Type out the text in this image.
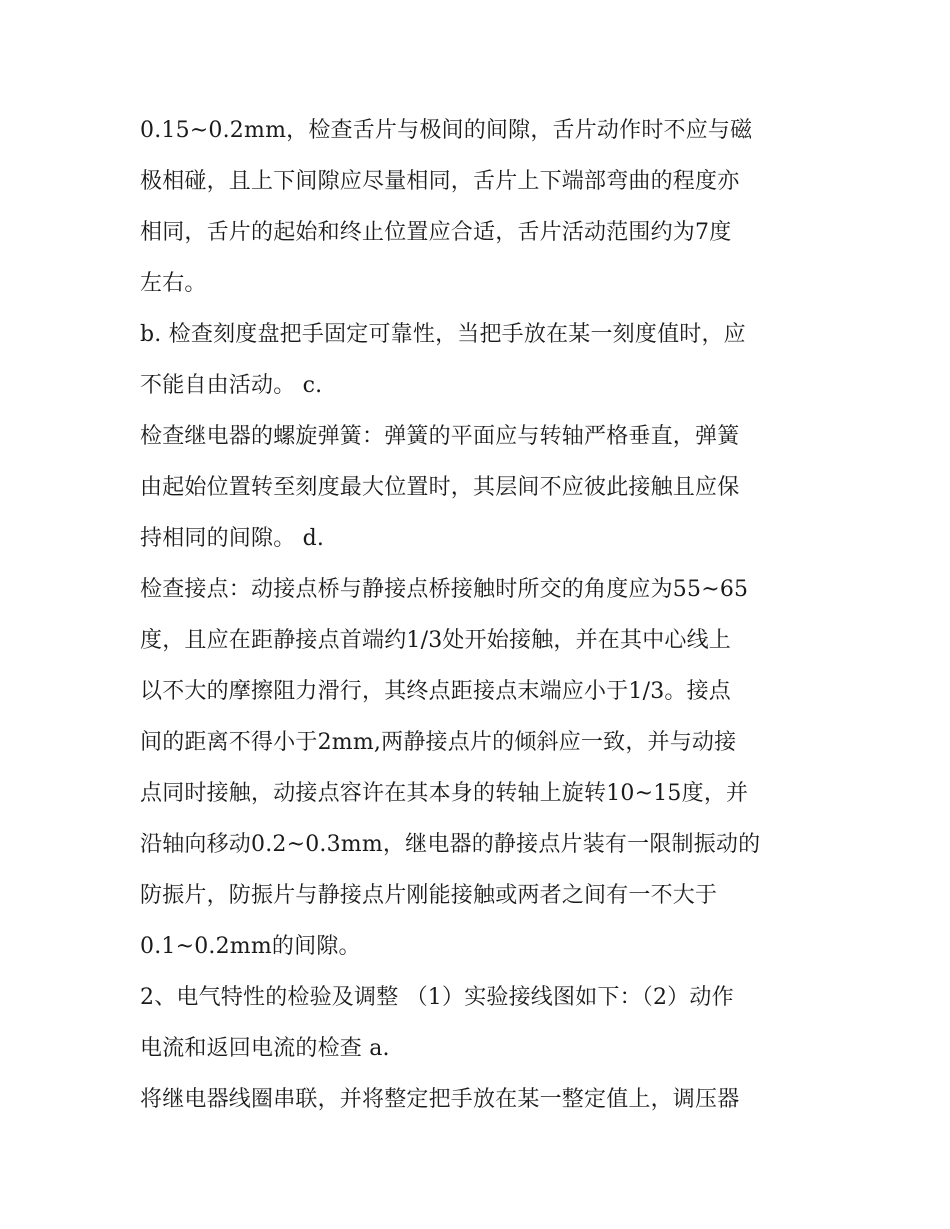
0.15~0.2mm，检查舌片与极间的间隙，舌片动作时不应与磁
极相碰，且上下间隙应尽量相同，舌片上下端部弯曲的程度亦
相同，舌片的起始和终止位置应合适，舌片活动范围约为7度
左右。
b. 检查刻度盘把手固定可靠性，当把手放在某一刻度值时，应
不能自由活动。 c.
检查继电器的螺旋弹簧：弹簧的平面应与转轴严格垂直，弹簧
由起始位置转至刻度最大位置时，其层间不应彼此接触且应保
持相同的间隙。 d.
检查接点：动接点桥与静接点桥接触时所交的角度应为55~65
度，且应在距静接点首端约1/3处开始接触，并在其中心线上
以不大的摩擦阻力滑行，其终点距接点末端应小于1/3。接点
间的距离不得小于2mm,两静接点片的倾斜应一致，并与动接
点同时接触，动接点容许在其本身的转轴上旋转10~15度，并
沿轴向移动0.2~0.3mm，继电器的静接点片装有一限制振动的
防振片，防振片与静接点片刚能接触或两者之间有一不大于
0.1~0.2mm的间隙。
2、电气特性的检验及调整 （1）实验接线图如下：（2）动作
电流和返回电流的检查 a.
将继电器线圈串联，并将整定把手放在某一整定值上，调压器
